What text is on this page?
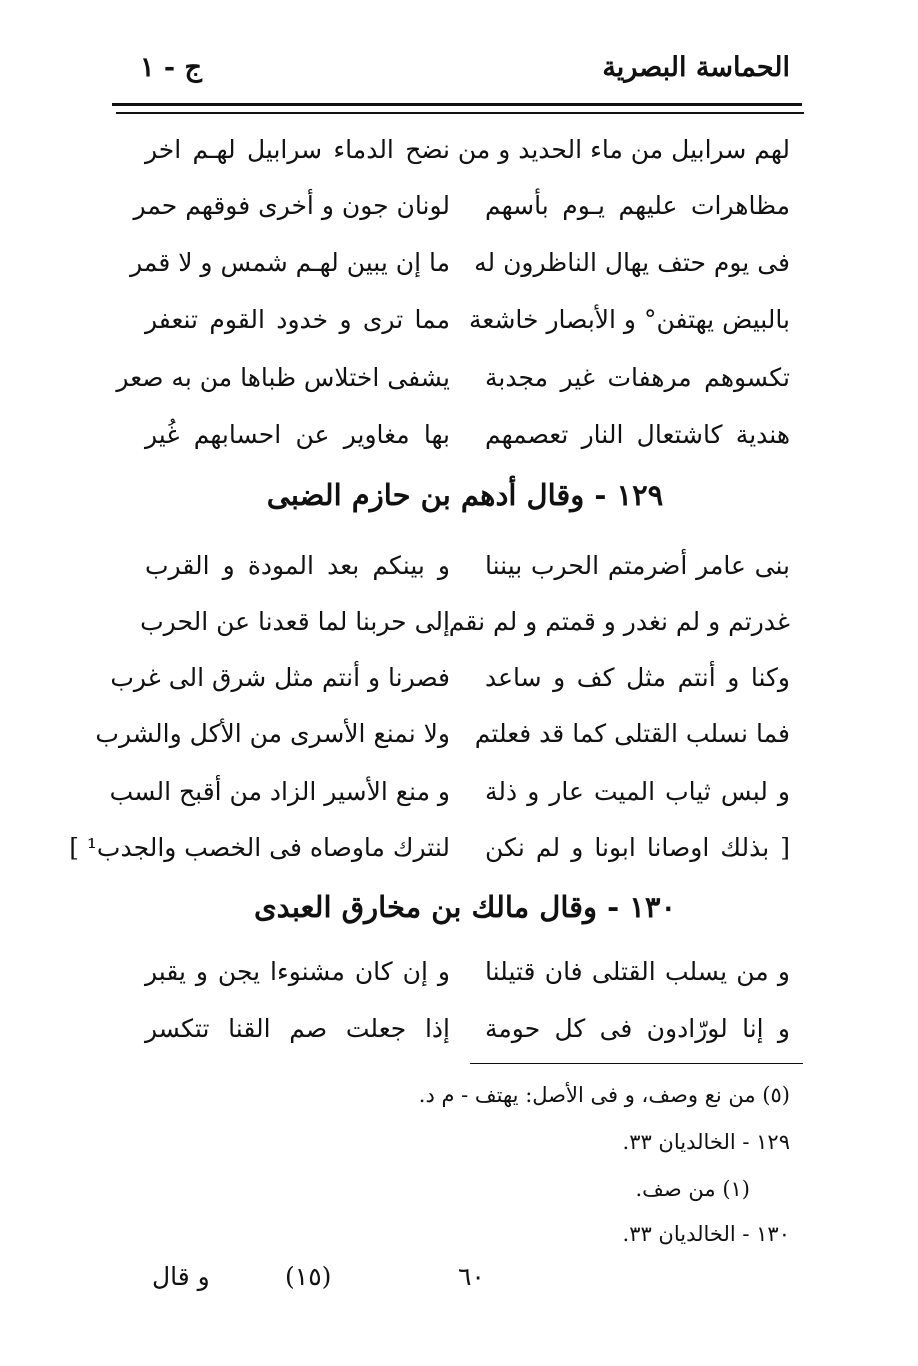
الحماسة البصرية
ج - ١
لهم سرابيل من ماء الحديد و من
نضح الدماء سرابيل لهـم اخر
مظاهرات عليهم يـوم بأسهم
لونان جون و أخرى فوقهم حمر
فى يوم حتف يهال الناظرون له
ما إن يبين لهـم شمس و لا قمر
بالبيض يهتفن° و الأبصار خاشعة
مما ترى و خدود القوم تنعفر
تكسوهم مرهفات غير مجدبة
يشفى اختلاس ظباها من به صعر
هندية كاشتعال النار تعصمهم
بها مغاوير عن احسابهم غُير
١٢٩ - وقال أدهم بن حازم الضبى
بنى عامر أضرمتم الحرب بيننا
و بينكم بعد المودة و القرب
غدرتم و لم نغدر و قمتم و لم نقم
إلى حربنا لما قعدنا عن الحرب
وكنا و أنتم مثل كف و ساعد
فصرنا و أنتم مثل شرق الى غرب
فما نسلب القتلى كما قد فعلتم
ولا نمنع الأسرى من الأكل والشرب
و لبس ثياب الميت عار و ذلة
و منع الأسير الزاد من أقبح السب
[ بذلك اوصانا ابونا و لم نكن
لنترك ماوصاه فى الخصب والجدب¹ ]
١٣٠ - وقال مالك بن مخارق العبدى
و من يسلب القتلى فان قتيلنا
و إن كان مشنوءا يجن و يقبر
و إنا لورّادون فى كل حومة
إذا جعلت صم القنا تتكسر
(٥) من نع وصف، و فى الأصل: يهتف - م د.
١٢٩ - الخالديان ٣٣.
(١) من صف.
١٣٠ - الخالديان ٣٣.
٦٠
(١٥)
و قال
